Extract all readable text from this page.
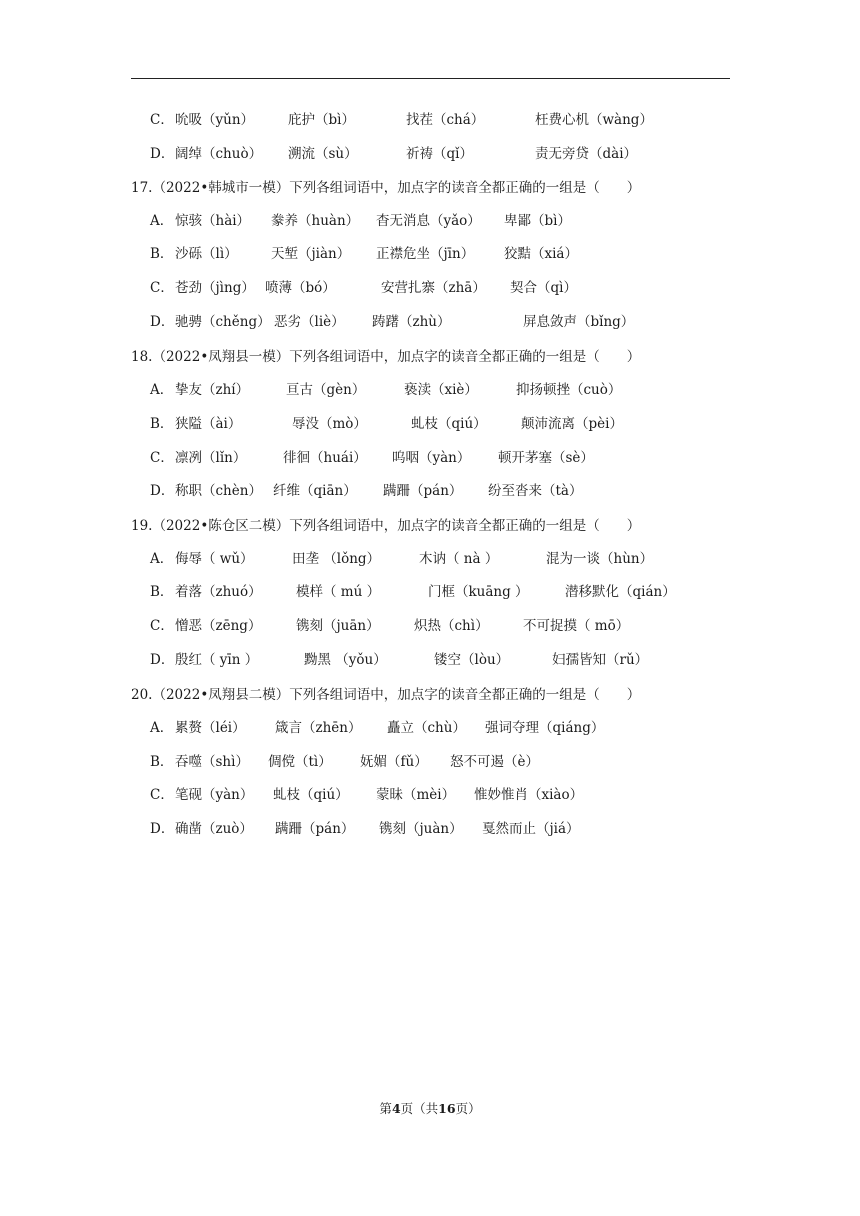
C． 吮吸（yǔn）	庇护（bì）	找茬（chá）	枉费心机（wàng）
D． 阔绰（chuò） 溯流（sù）	祈祷（qǐ）	责无旁贷（dài）
17.（2022•韩城市一模）下列各组词语中，加点字的读音全都正确的一组是（　　）
A． 惊骇（hài） 豢养（huàn） 杳无消息（yǎo） 卑鄙（bì）
B． 沙砾（lì） 天堑（jiàn） 正襟危坐（jīn） 狡黠（xiá）
C． 苍劲（jìng） 喷薄（bó）	安营扎寨（zhā） 契合（qì）
D． 驰骋（chěng） 恶劣（liè） 踌躇（zhù）	屏息敛声（bǐng）
18.（2022•凤翔县一模）下列各组词语中，加点字的读音全都正确的一组是（　　）
A． 挚友（zhí）	亘古（gèn）	亵渎（xiè）	抑扬顿挫（cuò）
B． 狭隘（ài）	辱没（mò）	虬枝（qiú）	颠沛流离（pèi）
C． 凛冽（lǐn）	徘徊（huái） 呜咽（yàn） 顿开茅塞（sè）
D． 称职（chèn） 纤维（qiān） 蹒跚（pán） 纷至沓来（tà）
19.（2022•陈仓区二模）下列各组词语中，加点字的读音全都正确的一组是（　　）
A． 侮辱（ wǔ）	田垄 （lǒng）	木讷（ nà ）	混为一谈（hùn）
B． 着落（zhuó）	模样（ mú ）	门框（kuāng ）	潜移默化（qián）
C． 憎恶（zēng）	镌刻（juān）	炽热（chì）	不可捉摸（ mō）
D． 殷红（ yīn ）	黝黑 （yǒu）	镂空（lòu）	妇孺皆知（rǔ）
20.（2022•凤翔县二模）下列各组词语中，加点字的读音全都正确的一组是（　　）
A． 累赘（léi） 箴言（zhēn） 矗立（chù） 强词夺理（qiáng）
B． 吞噬（shì） 倜傥（tì） 妩媚（fǔ） 怒不可遏（è）
C． 笔砚（yàn） 虬枝（qiú） 蒙昧（mèi） 惟妙惟肖（xiào）
D． 确凿（zuò） 蹒跚（pán） 镌刻（juàn） 戛然而止（jiá）
第4页（共16页）
